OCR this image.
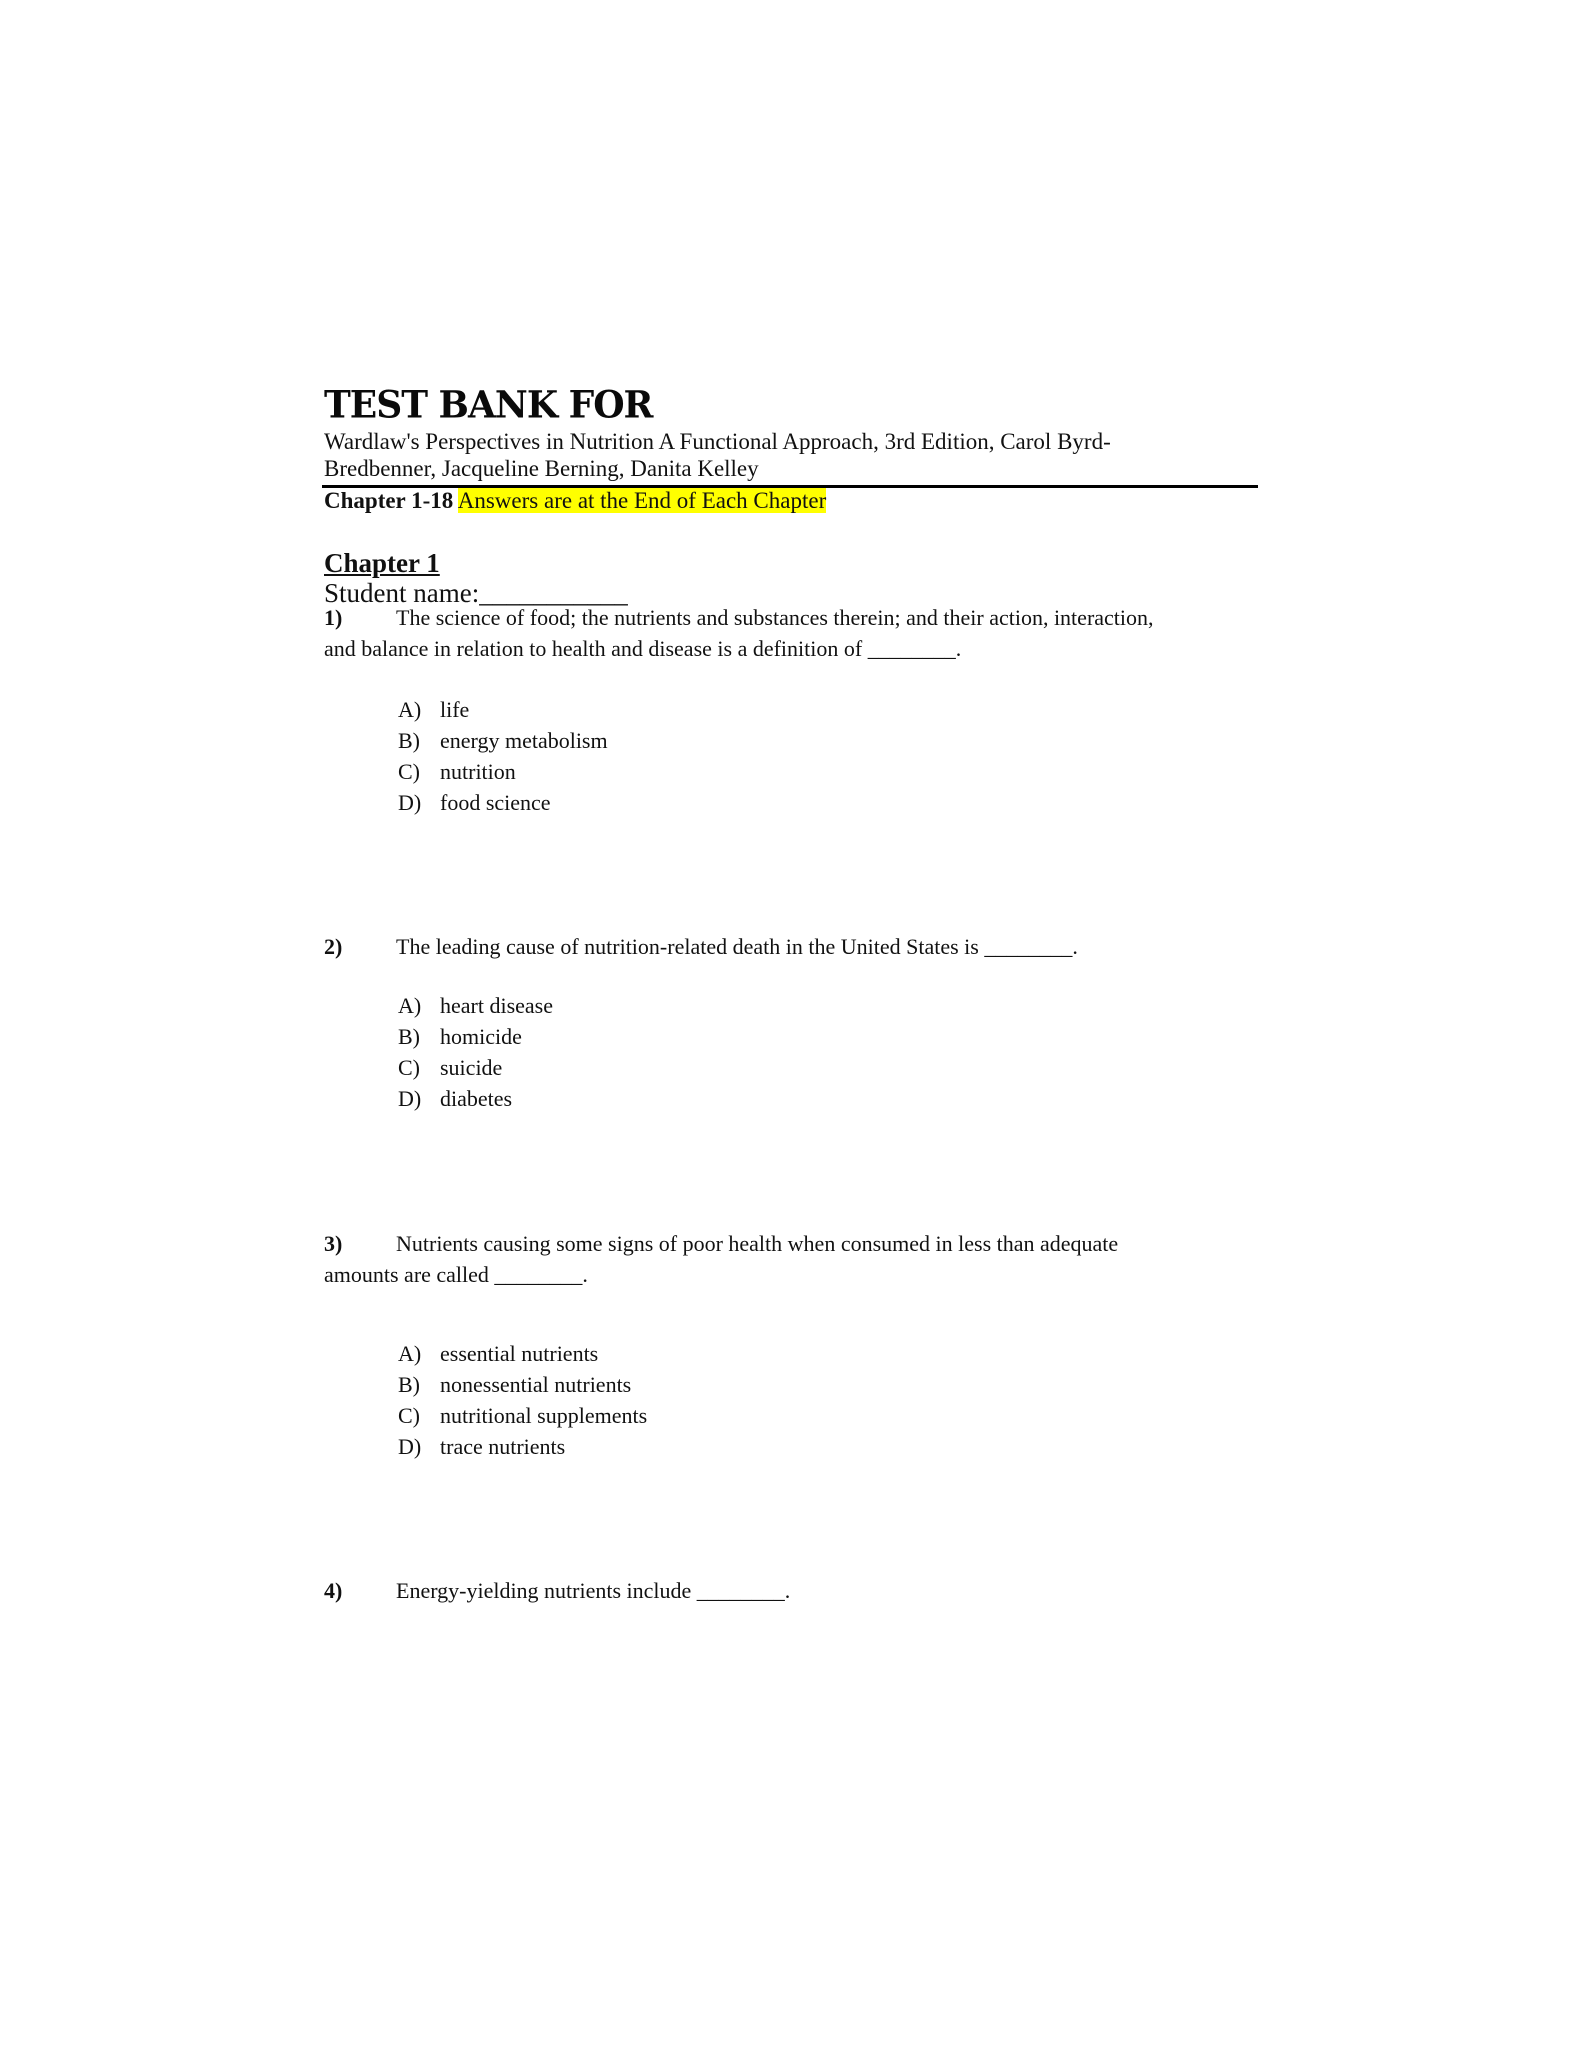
TEST BANK FOR
Wardlaw's Perspectives in Nutrition A Functional Approach, 3rd Edition, Carol Byrd-
Bredbenner, Jacqueline Berning, Danita Kelley
Chapter 1-18 Answers are at the End of Each Chapter
Chapter 1
Student name:___________
1) The science of food; the nutrients and substances therein; and their action, interaction,
and balance in relation to health and disease is a definition of ________.
A) life
B) energy metabolism
C) nutrition
D) food science
2) The leading cause of nutrition-related death in the United States is ________.
A) heart disease
B) homicide
C) suicide
D) diabetes
3) Nutrients causing some signs of poor health when consumed in less than adequate
amounts are called ________.
A) essential nutrients
B) nonessential nutrients
C) nutritional supplements
D) trace nutrients
4) Energy-yielding nutrients include ________.
